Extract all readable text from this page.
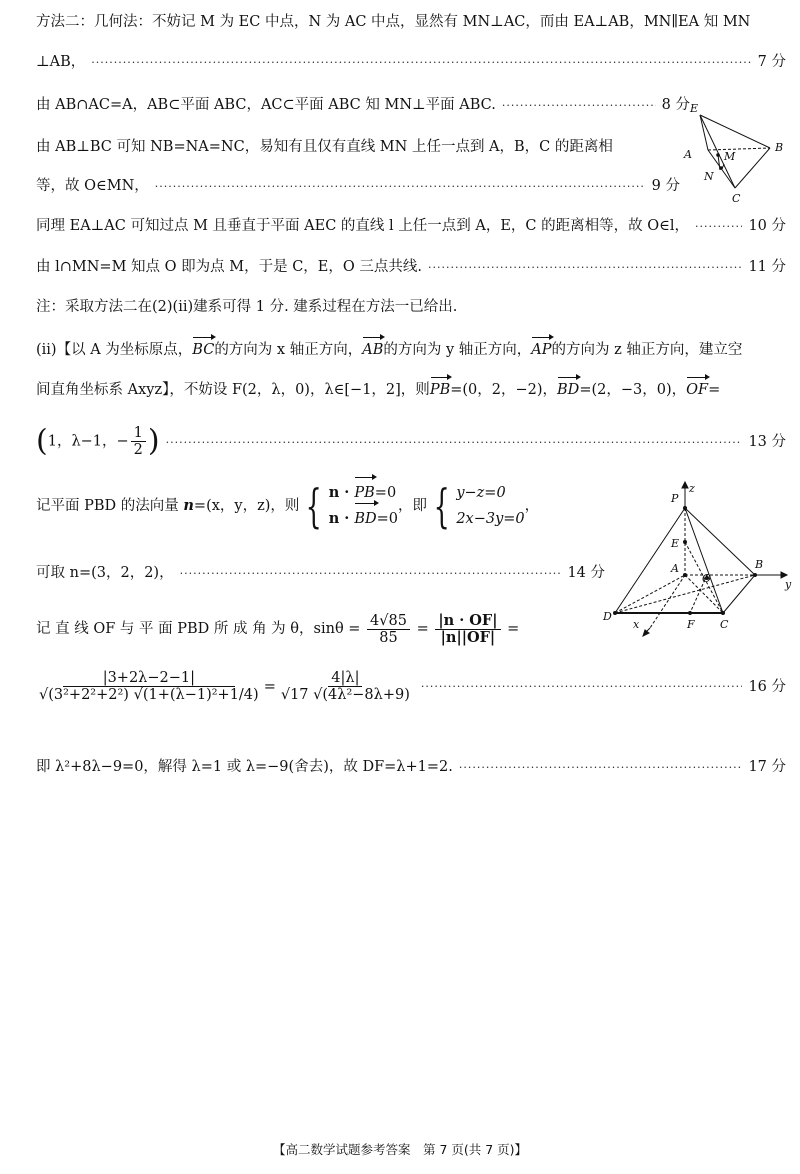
方法二：几何法：不妨记 M 为 EC 中点，N 为 AC 中点，显然有 MN⊥AC，而由 EA⊥AB，MN∥EA 知 MN
⊥AB， ·····	7 分
由 AB∩AC=A，AB⊂平面 ABC，AC⊂平面 ABC 知 MN⊥平面 ABC. ·····	8 分
由 AB⊥BC 可知 NB=NA=NC，易知有且仅有直线 MN 上任一点到 A，B，C 的距离相
等，故 O∈MN， ·····	9 分
同理 EA⊥AC 可知过点 M 且垂直于平面 AEC 的直线 l 上任一点到 A，E，C 的距离相等，故 O∈l， ·····	10 分
由 l∩MN=M 知点 O 即为点 M，于是 C，E，O 三点共线. ·····	11 分
注：采取方法二在(2)(ii)建系可得 1 分. 建系过程在方法一已给出.
E
A	M
B
N
C
(ii)【以 A 为坐标原点，BC的方向为 x 轴正方向，AB的方向为 y 轴正方向，AP的方向为 z 轴正方向，建立空
间直角坐标系 Axyz】，不妨设 F(2，λ，0)，λ∈[−1，2]，则PB=(0，2，−2)，BD=(2，−3，0)，OF=
(1，λ−1，− $\frac{1}{2}$ ) ·····	13 分
记平面 PBD 的法向量 n=(x，y，z)，则 { n · PB=0
n · BD=0
，即 { y−z=0
2x−3y=0
，
可取 n=(3，2，2)， ·····	14 分
记 直 线 OF 与 平 面 PBD 所 成 角 为 θ，$\sin\theta = \frac{4√85}{85} = \frac{|n \cdot OF|}{|n||OF|}$ =
P
z
E
A
O
B
y
D
x	F C
$\frac{|3+2\lambda-2-1|}{\text{√(3²+2²+2²) √(1+(λ−1)²+1/4)}} = \frac{4|\lambda|}{\text{√17 √(4λ²−8λ+9)}}$ ·····	16 分
即 λ²+8λ−9=0，解得 λ=1 或 λ=−9(舍去)，故 DF=λ+1=2. ·····	17 分
【高二数学试题参考答案　第 7 页(共 7 页)】
